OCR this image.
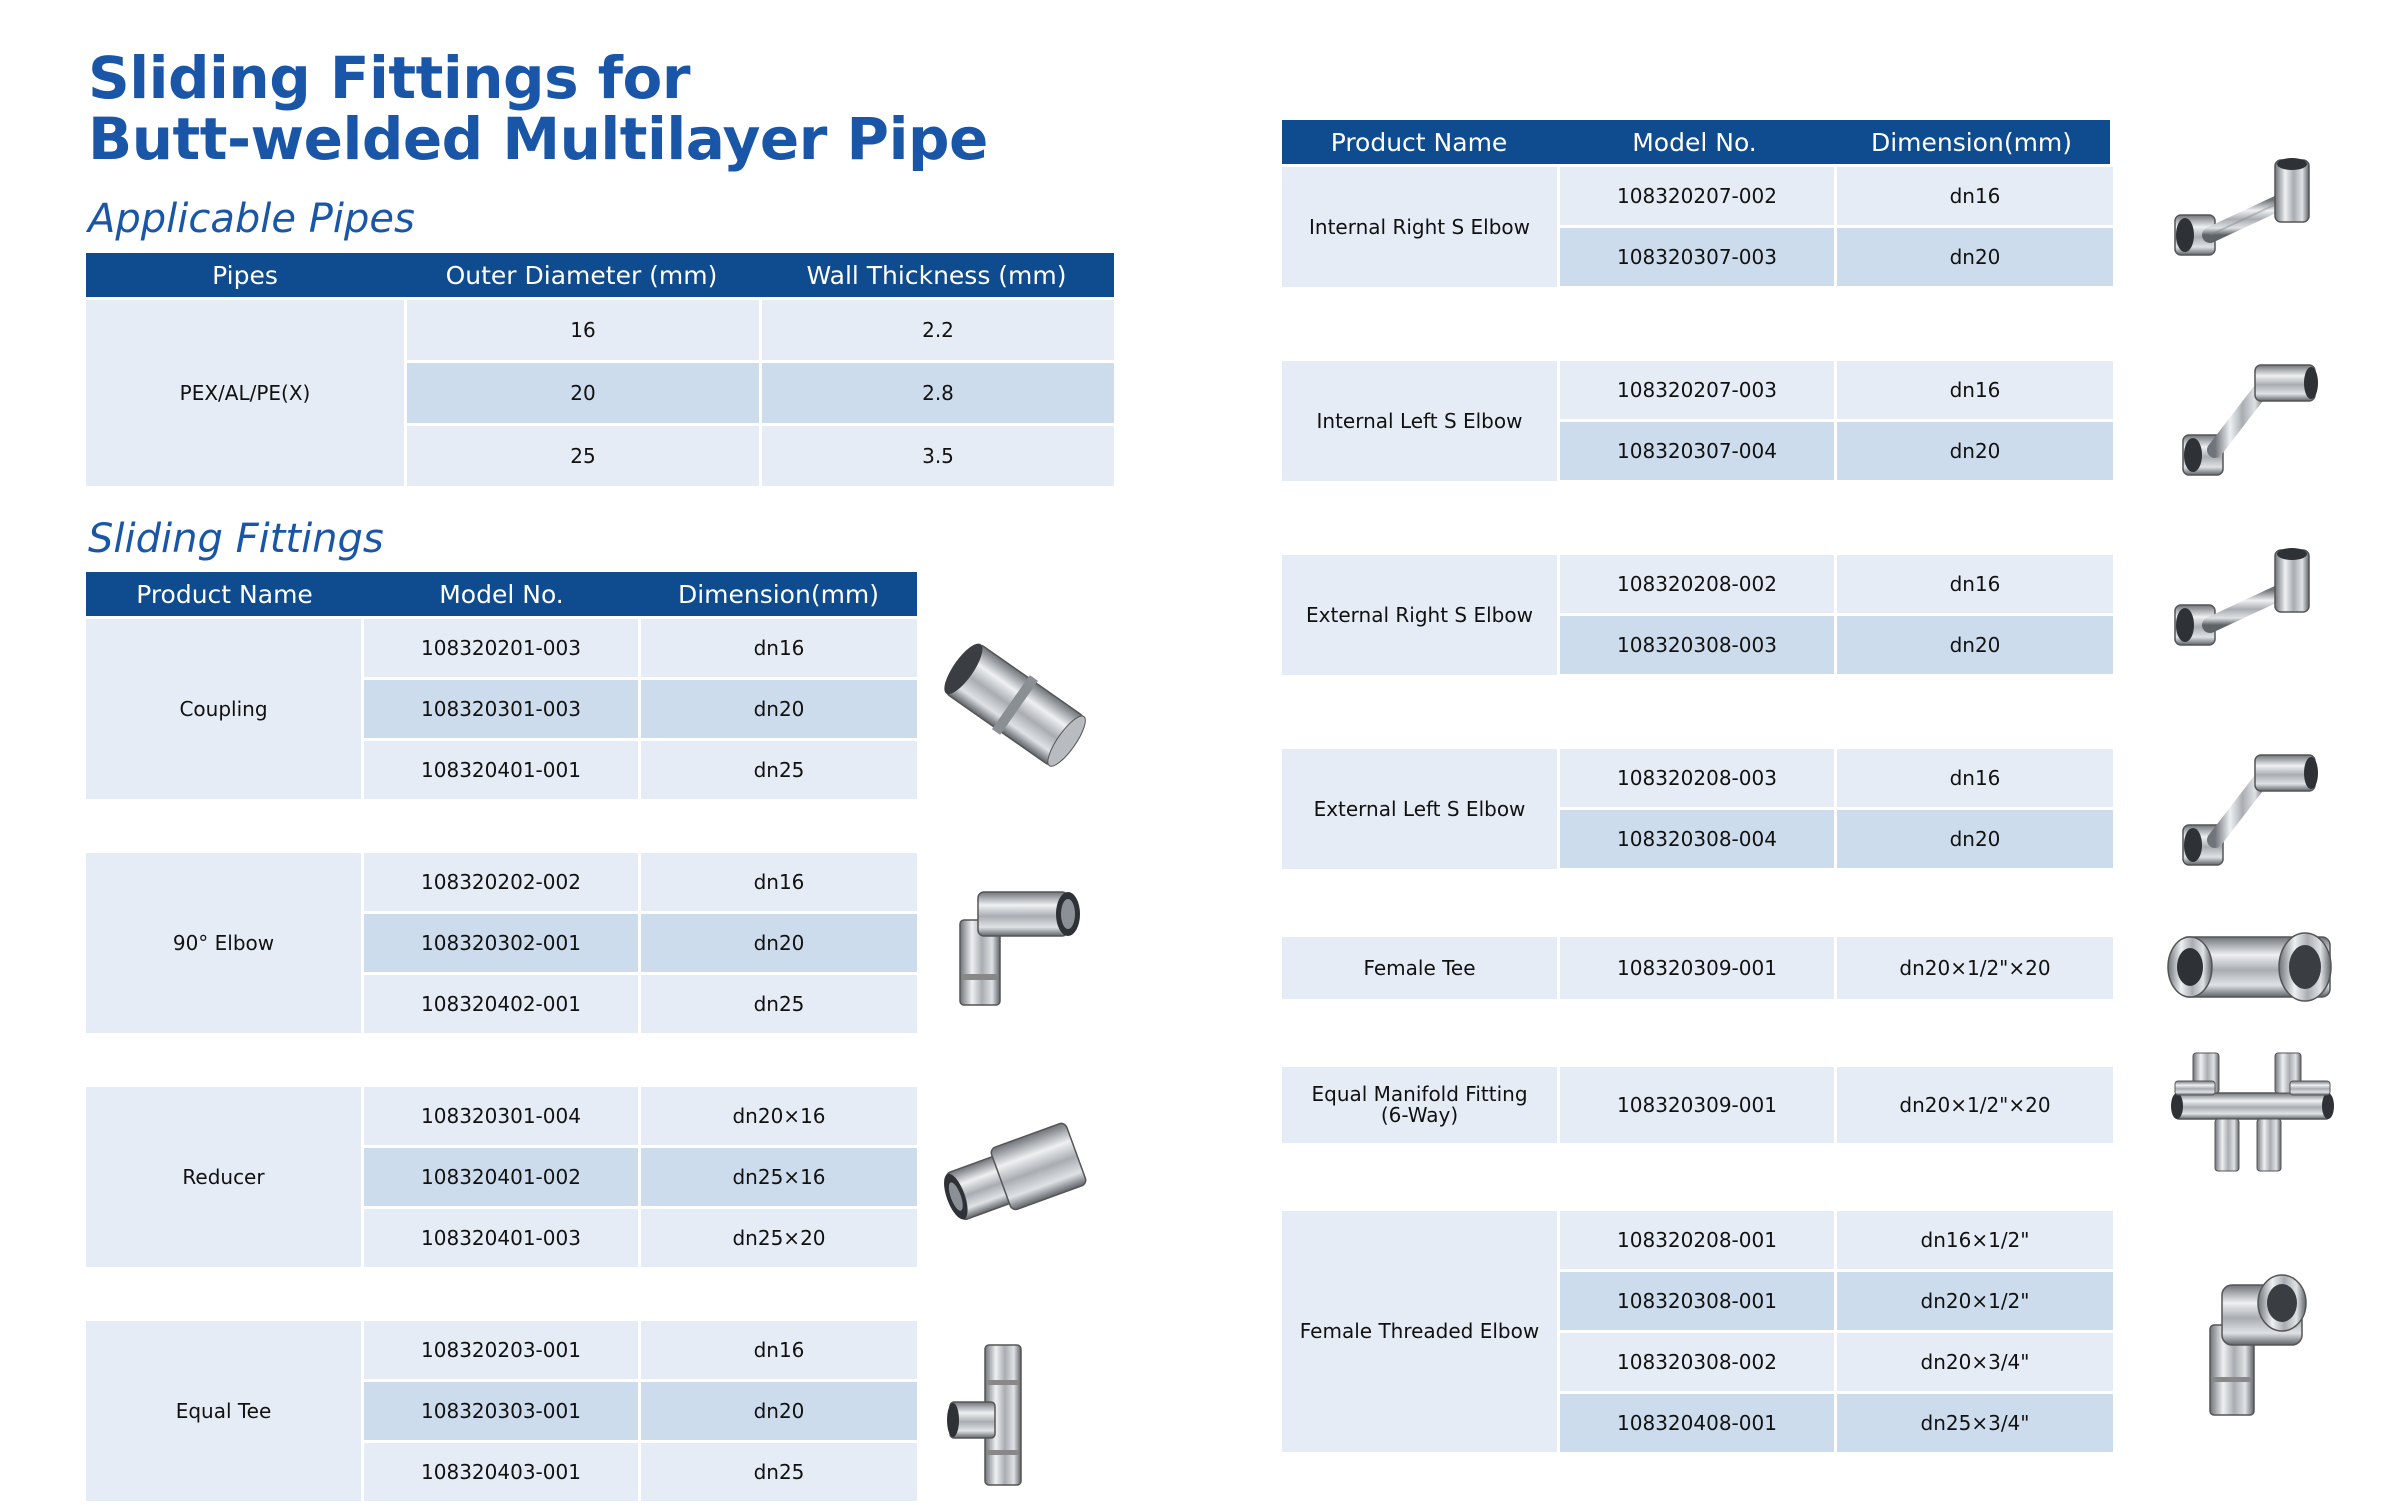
Sliding Fittings for
Butt-welded Multilayer Pipe
Applicable Pipes
Pipes	Outer Diameter (mm)	Wall Thickness (mm)
PEX/AL/PE(X)
16	2.2
20	2.8
25	3.5
Sliding Fittings
Product Name	Model No.	Dimension(mm)
Coupling
108320201-003	dn16
108320301-003	dn20
108320401-001	dn25
90° Elbow
108320202-002	dn16
108320302-001	dn20
108320402-001	dn25
Reducer
108320301-004	dn20×16
108320401-002	dn25×16
108320401-003	dn25×20
Equal Tee
108320203-001	dn16
108320303-001	dn20
108320403-001	dn25
Product Name	Model No.	Dimension(mm)
Internal Right S Elbow
108320207-002	dn16
108320307-003	dn20
Internal Left S Elbow
108320207-003	dn16
108320307-004	dn20
External Right S Elbow
108320208-002	dn16
108320308-003	dn20
External Left S Elbow
108320208-003	dn16
108320308-004	dn20
Female Tee	108320309-001	dn20×1/2"×20
Equal Manifold Fitting
(6-Way)	108320309-001	dn20×1/2"×20
Female Threaded Elbow
108320208-001	dn16×1/2"
108320308-001	dn20×1/2"
108320308-002	dn20×3/4"
108320408-001	dn25×3/4"
